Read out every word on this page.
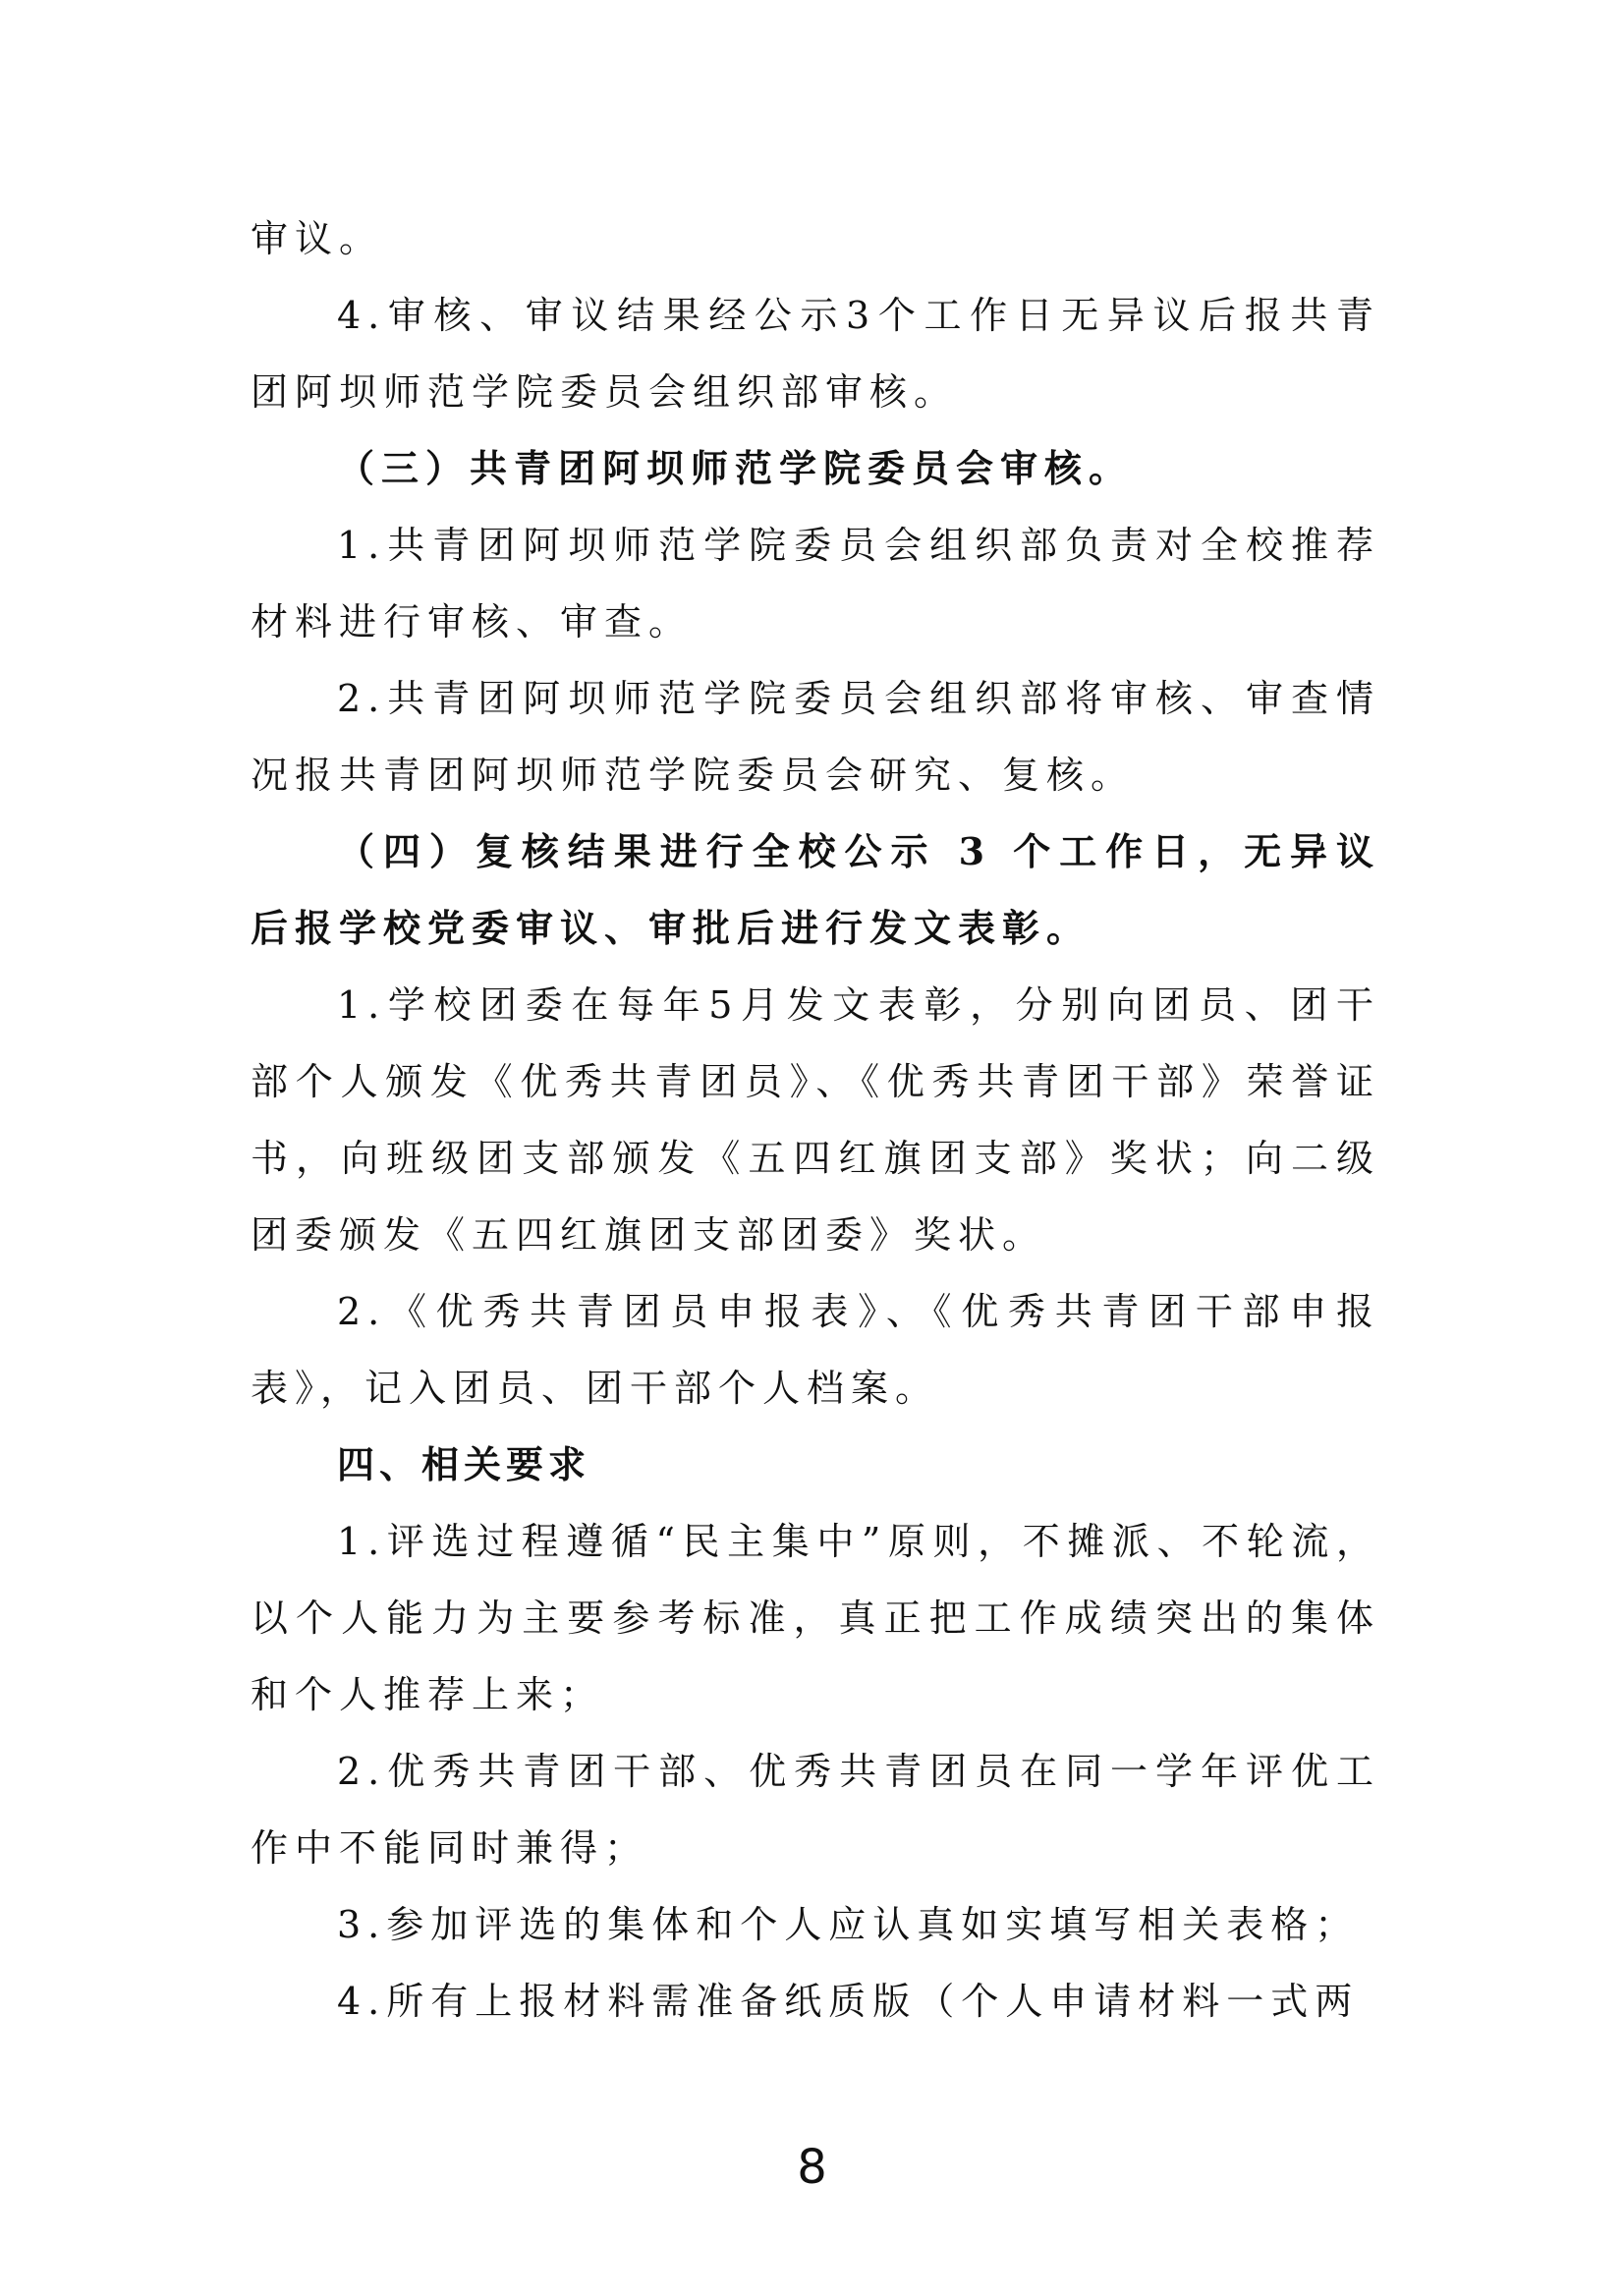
审议。

4.审核、审议结果经公示3个工作日无异议后报共青团阿坝师范学院委员会组织部审核。

（三）共青团阿坝师范学院委员会审核。

1.共青团阿坝师范学院委员会组织部负责对全校推荐材料进行审核、审查。

2.共青团阿坝师范学院委员会组织部将审核、审查情况报共青团阿坝师范学院委员会研究、复核。

（四）复核结果进行全校公示 3 个工作日，无异议后报学校党委审议、审批后进行发文表彰。

1.学校团委在每年5月发文表彰，分别向团员、团干部个人颁发《优秀共青团员》、《优秀共青团干部》荣誉证书，向班级团支部颁发《五四红旗团支部》奖状；向二级团委颁发《五四红旗团支部团委》奖状。

2.《优秀共青团员申报表》、《优秀共青团干部申报表》，记入团员、团干部个人档案。

四、相关要求

1.评选过程遵循“民主集中”原则，不摊派、不轮流，以个人能力为主要参考标准，真正把工作成绩突出的集体和个人推荐上来；

2.优秀共青团干部、优秀共青团员在同一学年评优工作中不能同时兼得；

3.参加评选的集体和个人应认真如实填写相关表格；

4.所有上报材料需准备纸质版（个人申请材料一式两

8
